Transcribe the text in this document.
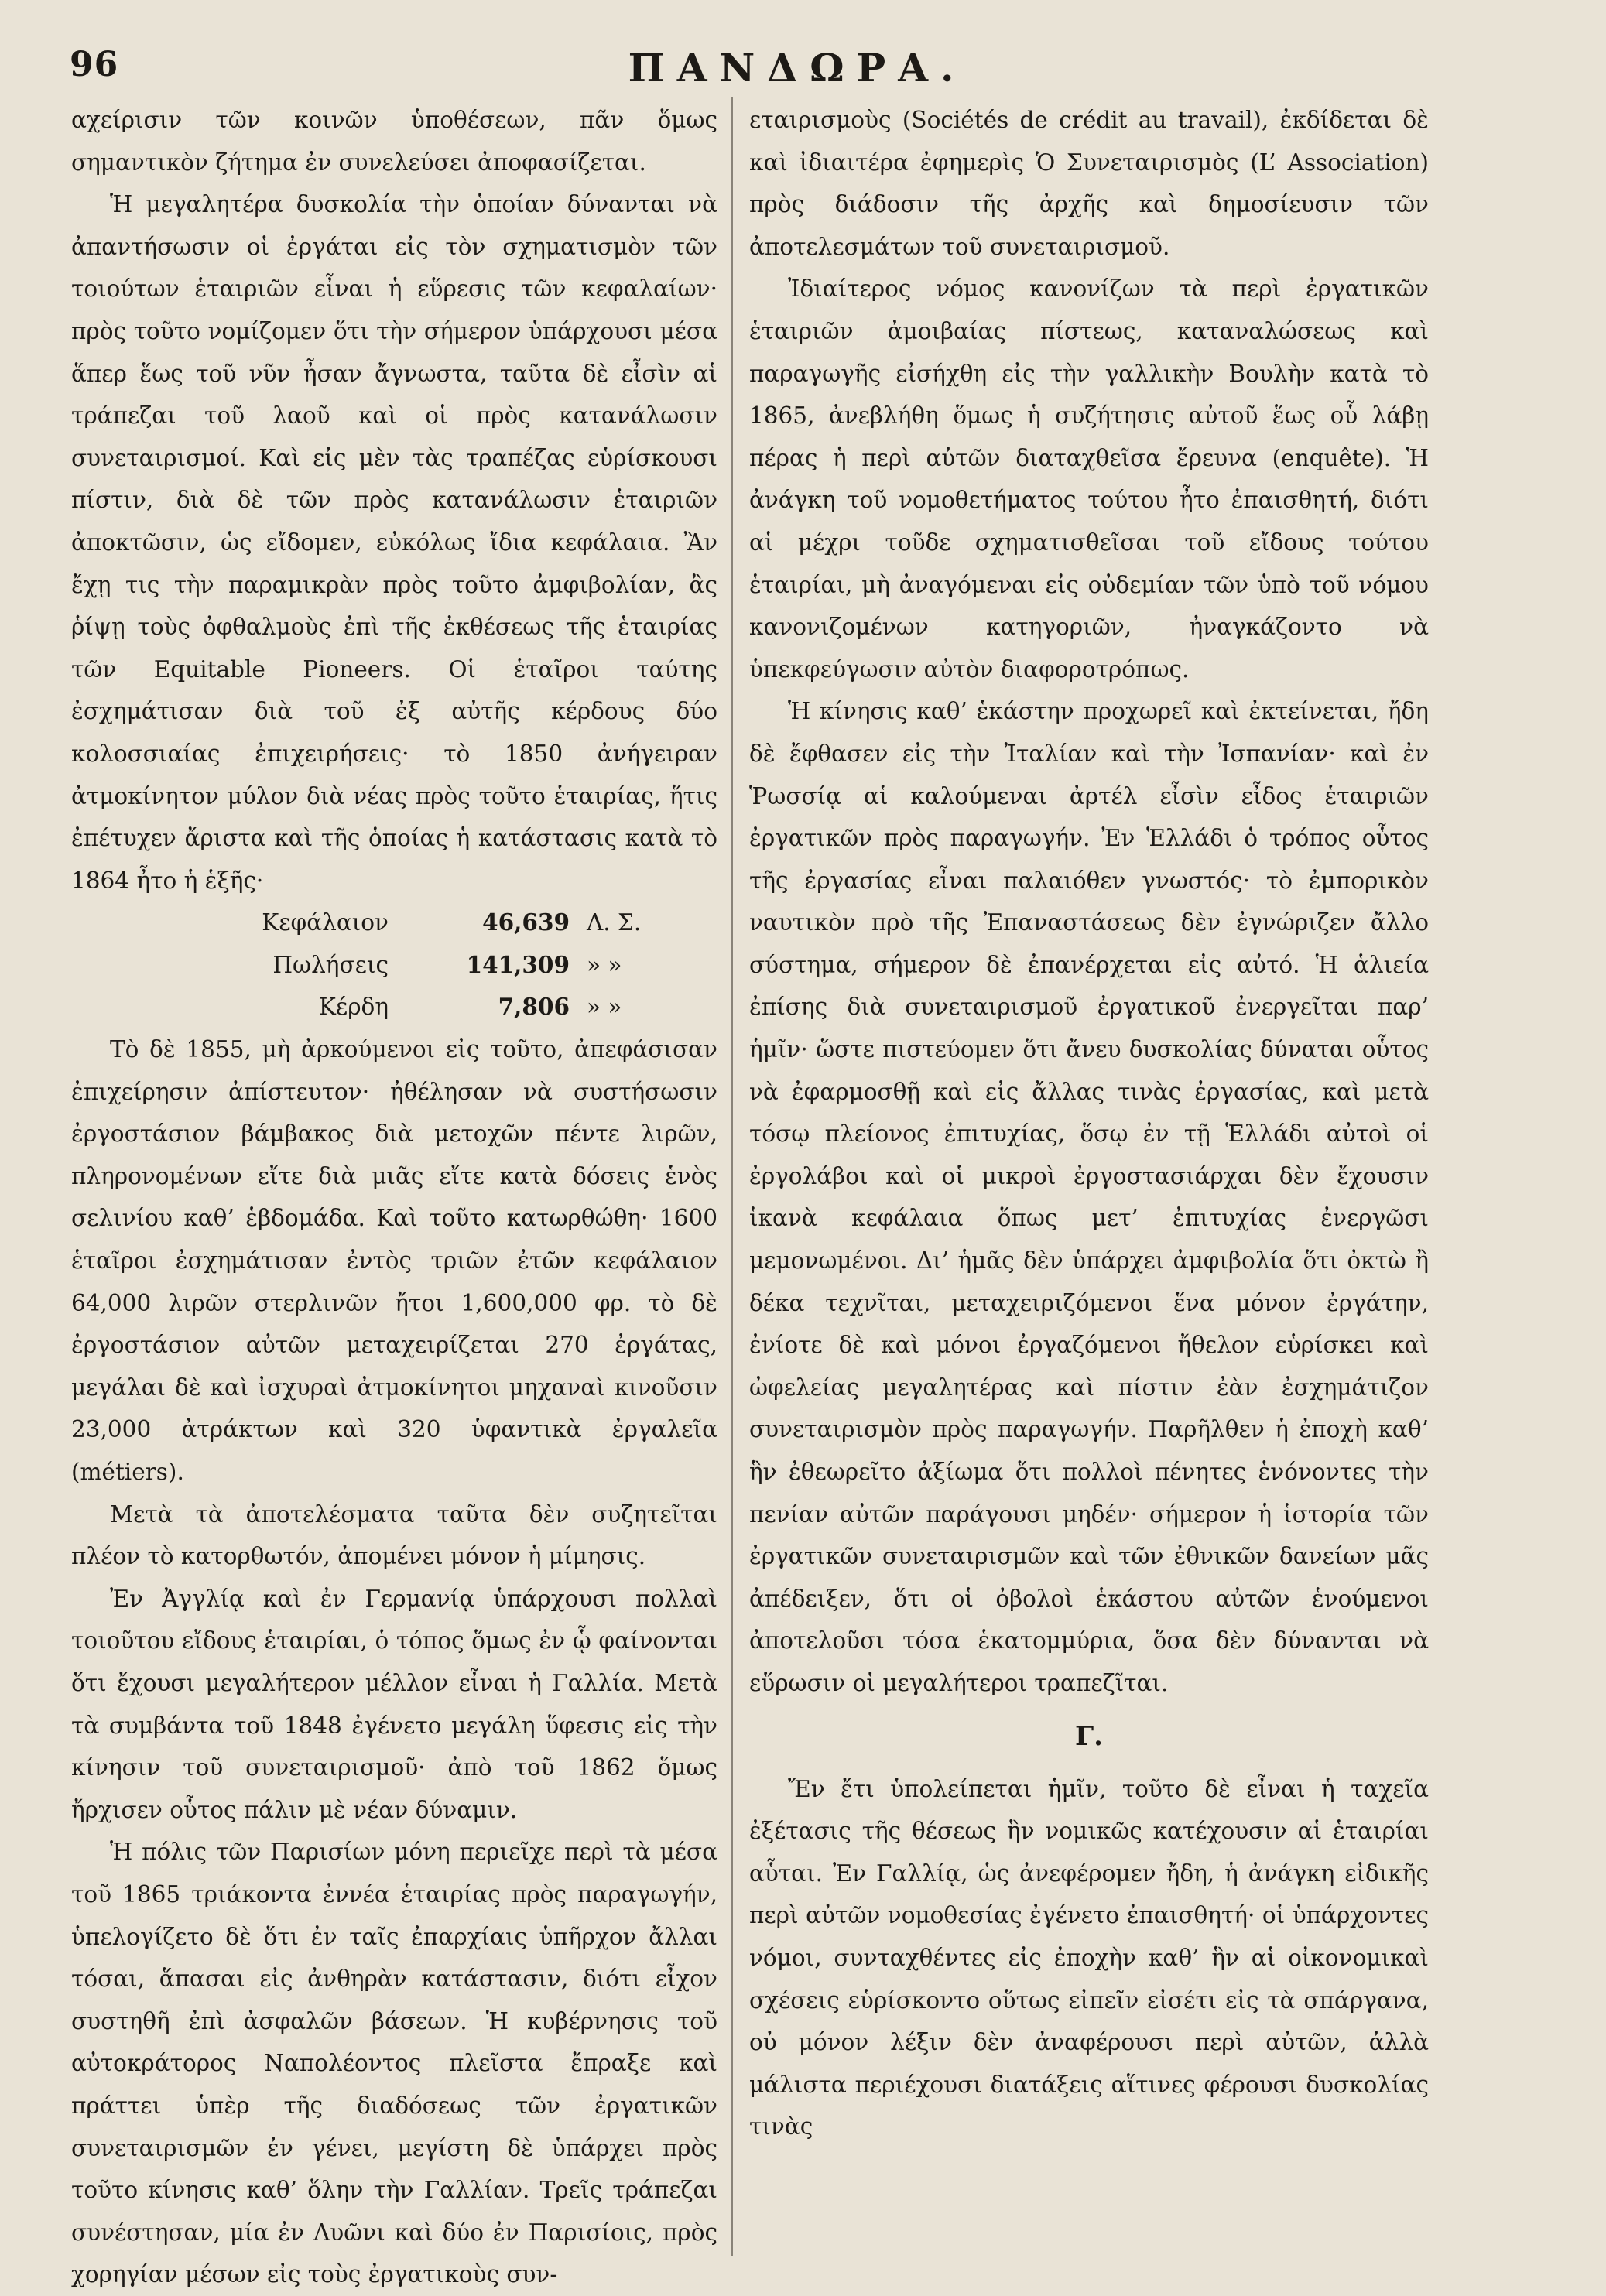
96	ΠΑΝΔΩΡΑ.

αχείρισιν τῶν κοινῶν ὑποθέσεων, πᾶν ὅμως σημαντικὸν ζήτημα ἐν συνελεύσει ἀποφασίζεται.

Ἡ μεγαλητέρα δυσκολία τὴν ὁποίαν δύνανται νὰ ἀπαντήσωσιν οἱ ἐργάται εἰς τὸν σχηματισμὸν τῶν τοιούτων ἑταιριῶν εἶναι ἡ εὕρεσις τῶν κεφαλαίων· πρὸς τοῦτο νομίζομεν ὅτι τὴν σήμερον ὑπάρχουσι μέσα ἅπερ ἕως τοῦ νῦν ἦσαν ἄγνωστα, ταῦτα δὲ εἶσὶν αἱ τράπεζαι τοῦ λαοῦ καὶ οἱ πρὸς κατανάλωσιν συνεταιρισμοί. Καὶ εἰς μὲν τὰς τραπέζας εὑρίσκουσι πίστιν, διὰ δὲ τῶν πρὸς κατανάλωσιν ἑταιριῶν ἀποκτῶσιν, ὡς εἴδομεν, εὐκόλως ἴδια κεφάλαια. Ἂν ἔχῃ τις τὴν παραμικρὰν πρὸς τοῦτο ἀμφιβολίαν, ἂς ῥίψῃ τοὺς ὀφθαλμοὺς ἐπὶ τῆς ἐκθέσεως τῆς ἑταιρίας τῶν Equitable Pioneers. Οἱ ἑταῖροι ταύτης ἐσχημάτισαν διὰ τοῦ ἐξ αὐτῆς κέρδους δύο κολοσσιαίας ἐπιχειρήσεις· τὸ 1850 ἀνήγειραν ἀτμοκίνητον μύλον διὰ νέας πρὸς τοῦτο ἑταιρίας, ἥτις ἐπέτυχεν ἄριστα καὶ τῆς ὁποίας ἡ κατάστασις κατὰ τὸ 1864 ἦτο ἡ ἑξῆς·

Κεφάλαιον	46,639 Λ. Σ.
Πωλήσεις	141,309 » »
Κέρδη	7,806 » »

Τὸ δὲ 1855, μὴ ἀρκούμενοι εἰς τοῦτο, ἀπεφάσισαν ἐπιχείρησιν ἀπίστευτον· ἠθέλησαν νὰ συστήσωσιν ἐργοστάσιον βάμβακος διὰ μετοχῶν πέντε λιρῶν, πληρονομένων εἴτε διὰ μιᾶς εἴτε κατὰ δόσεις ἑνὸς σελινίου καθ’ ἑβδομάδα. Καὶ τοῦτο κατωρθώθη· 1600 ἑταῖροι ἐσχημάτισαν ἐντὸς τριῶν ἐτῶν κεφάλαιον 64,000 λιρῶν στερλινῶν ἤτοι 1,600,000 φρ. τὸ δὲ ἐργοστάσιον αὐτῶν μεταχειρίζεται 270 ἐργάτας, μεγάλαι δὲ καὶ ἰσχυραὶ ἀτμοκίνητοι μηχαναὶ κινοῦσιν 23,000 ἀτράκτων καὶ 320 ὑφαντικὰ ἐργαλεῖα (métiers).

Μετὰ τὰ ἀποτελέσματα ταῦτα δὲν συζητεῖται πλέον τὸ κατορθωτόν, ἀπομένει μόνον ἡ μίμησις.

Ἐν Ἀγγλίᾳ καὶ ἐν Γερμανίᾳ ὑπάρχουσι πολλαὶ τοιοῦτου εἴδους ἑταιρίαι, ὁ τόπος ὅμως ἐν ᾧ φαίνονται ὅτι ἔχουσι μεγαλήτερον μέλλον εἶναι ἡ Γαλλία. Μετὰ τὰ συμβάντα τοῦ 1848 ἐγένετο μεγάλη ὕφεσις εἰς τὴν κίνησιν τοῦ συνεταιρισμοῦ· ἀπὸ τοῦ 1862 ὅμως ἤρχισεν οὗτος πάλιν μὲ νέαν δύναμιν.

Ἡ πόλις τῶν Παρισίων μόνη περιεῖχε περὶ τὰ μέσα τοῦ 1865 τριάκοντα ἐννέα ἑταιρίας πρὸς παραγωγήν, ὑπελογίζετο δὲ ὅτι ἐν ταῖς ἐπαρχίαις ὑπῆρχον ἄλλαι τόσαι, ἅπασαι εἰς ἀνθηρὰν κατάστασιν, διότι εἶχον συστηθῆ ἐπὶ ἀσφαλῶν βάσεων. Ἡ κυβέρνησις τοῦ αὐτοκράτορος Ναπολέοντος πλεῖστα ἔπραξε καὶ πράττει ὑπὲρ τῆς διαδόσεως τῶν ἐργατικῶν συνεταιρισμῶν ἐν γένει, μεγίστη δὲ ὑπάρχει πρὸς τοῦτο κίνησις καθ’ ὅλην τὴν Γαλλίαν. Τρεῖς τράπεζαι συνέστησαν, μία ἐν Λυῶνι καὶ δύο ἐν Παρισίοις, πρὸς χορηγίαν μέσων εἰς τοὺς ἐργατικοὺς συν-

εταιρισμοὺς (Sociétés de crédit au travail), ἐκδίδεται δὲ καὶ ἰδιαιτέρα ἐφημερὶς Ὁ Συνεταιρισμὸς (L’ Association) πρὸς διάδοσιν τῆς ἀρχῆς καὶ δημοσίευσιν τῶν ἀποτελεσμάτων τοῦ συνεταιρισμοῦ.

Ἰδιαίτερος νόμος κανονίζων τὰ περὶ ἐργατικῶν ἑταιριῶν ἀμοιβαίας πίστεως, καταναλώσεως καὶ παραγωγῆς εἰσήχθη εἰς τὴν γαλλικὴν Βουλὴν κατὰ τὸ 1865, ἀνεβλήθη ὅμως ἡ συζήτησις αὐτοῦ ἕως οὗ λάβῃ πέρας ἡ περὶ αὐτῶν διαταχθεῖσα ἔρευνα (enquête). Ἡ ἀνάγκη τοῦ νομοθετήματος τούτου ἦτο ἐπαισθητή, διότι αἱ μέχρι τοῦδε σχηματισθεῖσαι τοῦ εἴδους τούτου ἑταιρίαι, μὴ ἀναγόμεναι εἰς οὐδεμίαν τῶν ὑπὸ τοῦ νόμου κανονιζομένων κατηγοριῶν, ἠναγκάζοντο νὰ ὑπεκφεύγωσιν αὐτὸν διαφοροτρόπως.

Ἡ κίνησις καθ’ ἑκάστην προχωρεῖ καὶ ἐκτείνεται, ἤδη δὲ ἔφθασεν εἰς τὴν Ἰταλίαν καὶ τὴν Ἰσπανίαν· καὶ ἐν Ῥωσσίᾳ αἱ καλούμεναι ἀρτέλ εἶσὶν εἶδος ἑταιριῶν ἐργατικῶν πρὸς παραγωγήν. Ἐν Ἑλλάδι ὁ τρόπος οὗτος τῆς ἐργασίας εἶναι παλαιόθεν γνωστός· τὸ ἐμπορικὸν ναυτικὸν πρὸ τῆς Ἐπαναστάσεως δὲν ἐγνώριζεν ἄλλο σύστημα, σήμερον δὲ ἐπανέρχεται εἰς αὐτό. Ἡ ἁλιεία ἐπίσης διὰ συνεταιρισμοῦ ἐργατικοῦ ἐνεργεῖται παρ’ ἡμῖν· ὥστε πιστεύομεν ὅτι ἄνευ δυσκολίας δύναται οὗτος νὰ ἐφαρμοσθῇ καὶ εἰς ἄλλας τινὰς ἐργασίας, καὶ μετὰ τόσῳ πλείονος ἐπιτυχίας, ὅσῳ ἐν τῇ Ἑλλάδι αὐτοὶ οἱ ἐργολάβοι καὶ οἱ μικροὶ ἐργοστασιάρχαι δὲν ἔχουσιν ἱκανὰ κεφάλαια ὅπως μετ’ ἐπιτυχίας ἐνεργῶσι μεμονωμένοι. Δι’ ἡμᾶς δὲν ὑπάρχει ἀμφιβολία ὅτι ὀκτὼ ἢ δέκα τεχνῖται, μεταχειριζόμενοι ἕνα μόνον ἐργάτην, ἐνίοτε δὲ καὶ μόνοι ἐργαζόμενοι ἤθελον εὑρίσκει καὶ ὠφελείας μεγαλητέρας καὶ πίστιν ἐὰν ἐσχημάτιζον συνεταιρισμὸν πρὸς παραγωγήν. Παρῆλθεν ἡ ἐποχὴ καθ’ ἣν ἐθεωρεῖτο ἀξίωμα ὅτι πολλοὶ πένητες ἑνόνοντες τὴν πενίαν αὐτῶν παράγουσι μηδέν· σήμερον ἡ ἱστορία τῶν ἐργατικῶν συνεταιρισμῶν καὶ τῶν ἐθνικῶν δανείων μᾶς ἀπέδειξεν, ὅτι οἱ ὀβολοὶ ἑκάστου αὐτῶν ἑνούμενοι ἀποτελοῦσι τόσα ἑκατομμύρια, ὅσα δὲν δύνανται νὰ εὕρωσιν οἱ μεγαλήτεροι τραπεζῖται.

Γ.

Ἔν ἔτι ὑπολείπεται ἡμῖν, τοῦτο δὲ εἶναι ἡ ταχεῖα ἐξέτασις τῆς θέσεως ἣν νομικῶς κατέχουσιν αἱ ἑταιρίαι αὗται. Ἐν Γαλλίᾳ, ὡς ἀνεφέρομεν ἤδη, ἡ ἀνάγκη εἰδικῆς περὶ αὐτῶν νομοθεσίας ἐγένετο ἐπαισθητή· οἱ ὑπάρχοντες νόμοι, συνταχθέντες εἰς ἐποχὴν καθ’ ἣν αἱ οἰκονομικαὶ σχέσεις εὑρίσκοντο οὕτως εἰπεῖν εἰσέτι εἰς τὰ σπάργανα, οὐ μόνον λέξιν δὲν ἀναφέρουσι περὶ αὐτῶν, ἀλλὰ μάλιστα περιέχουσι διατάξεις αἵτινες φέρουσι δυσκολίας τινὰς
